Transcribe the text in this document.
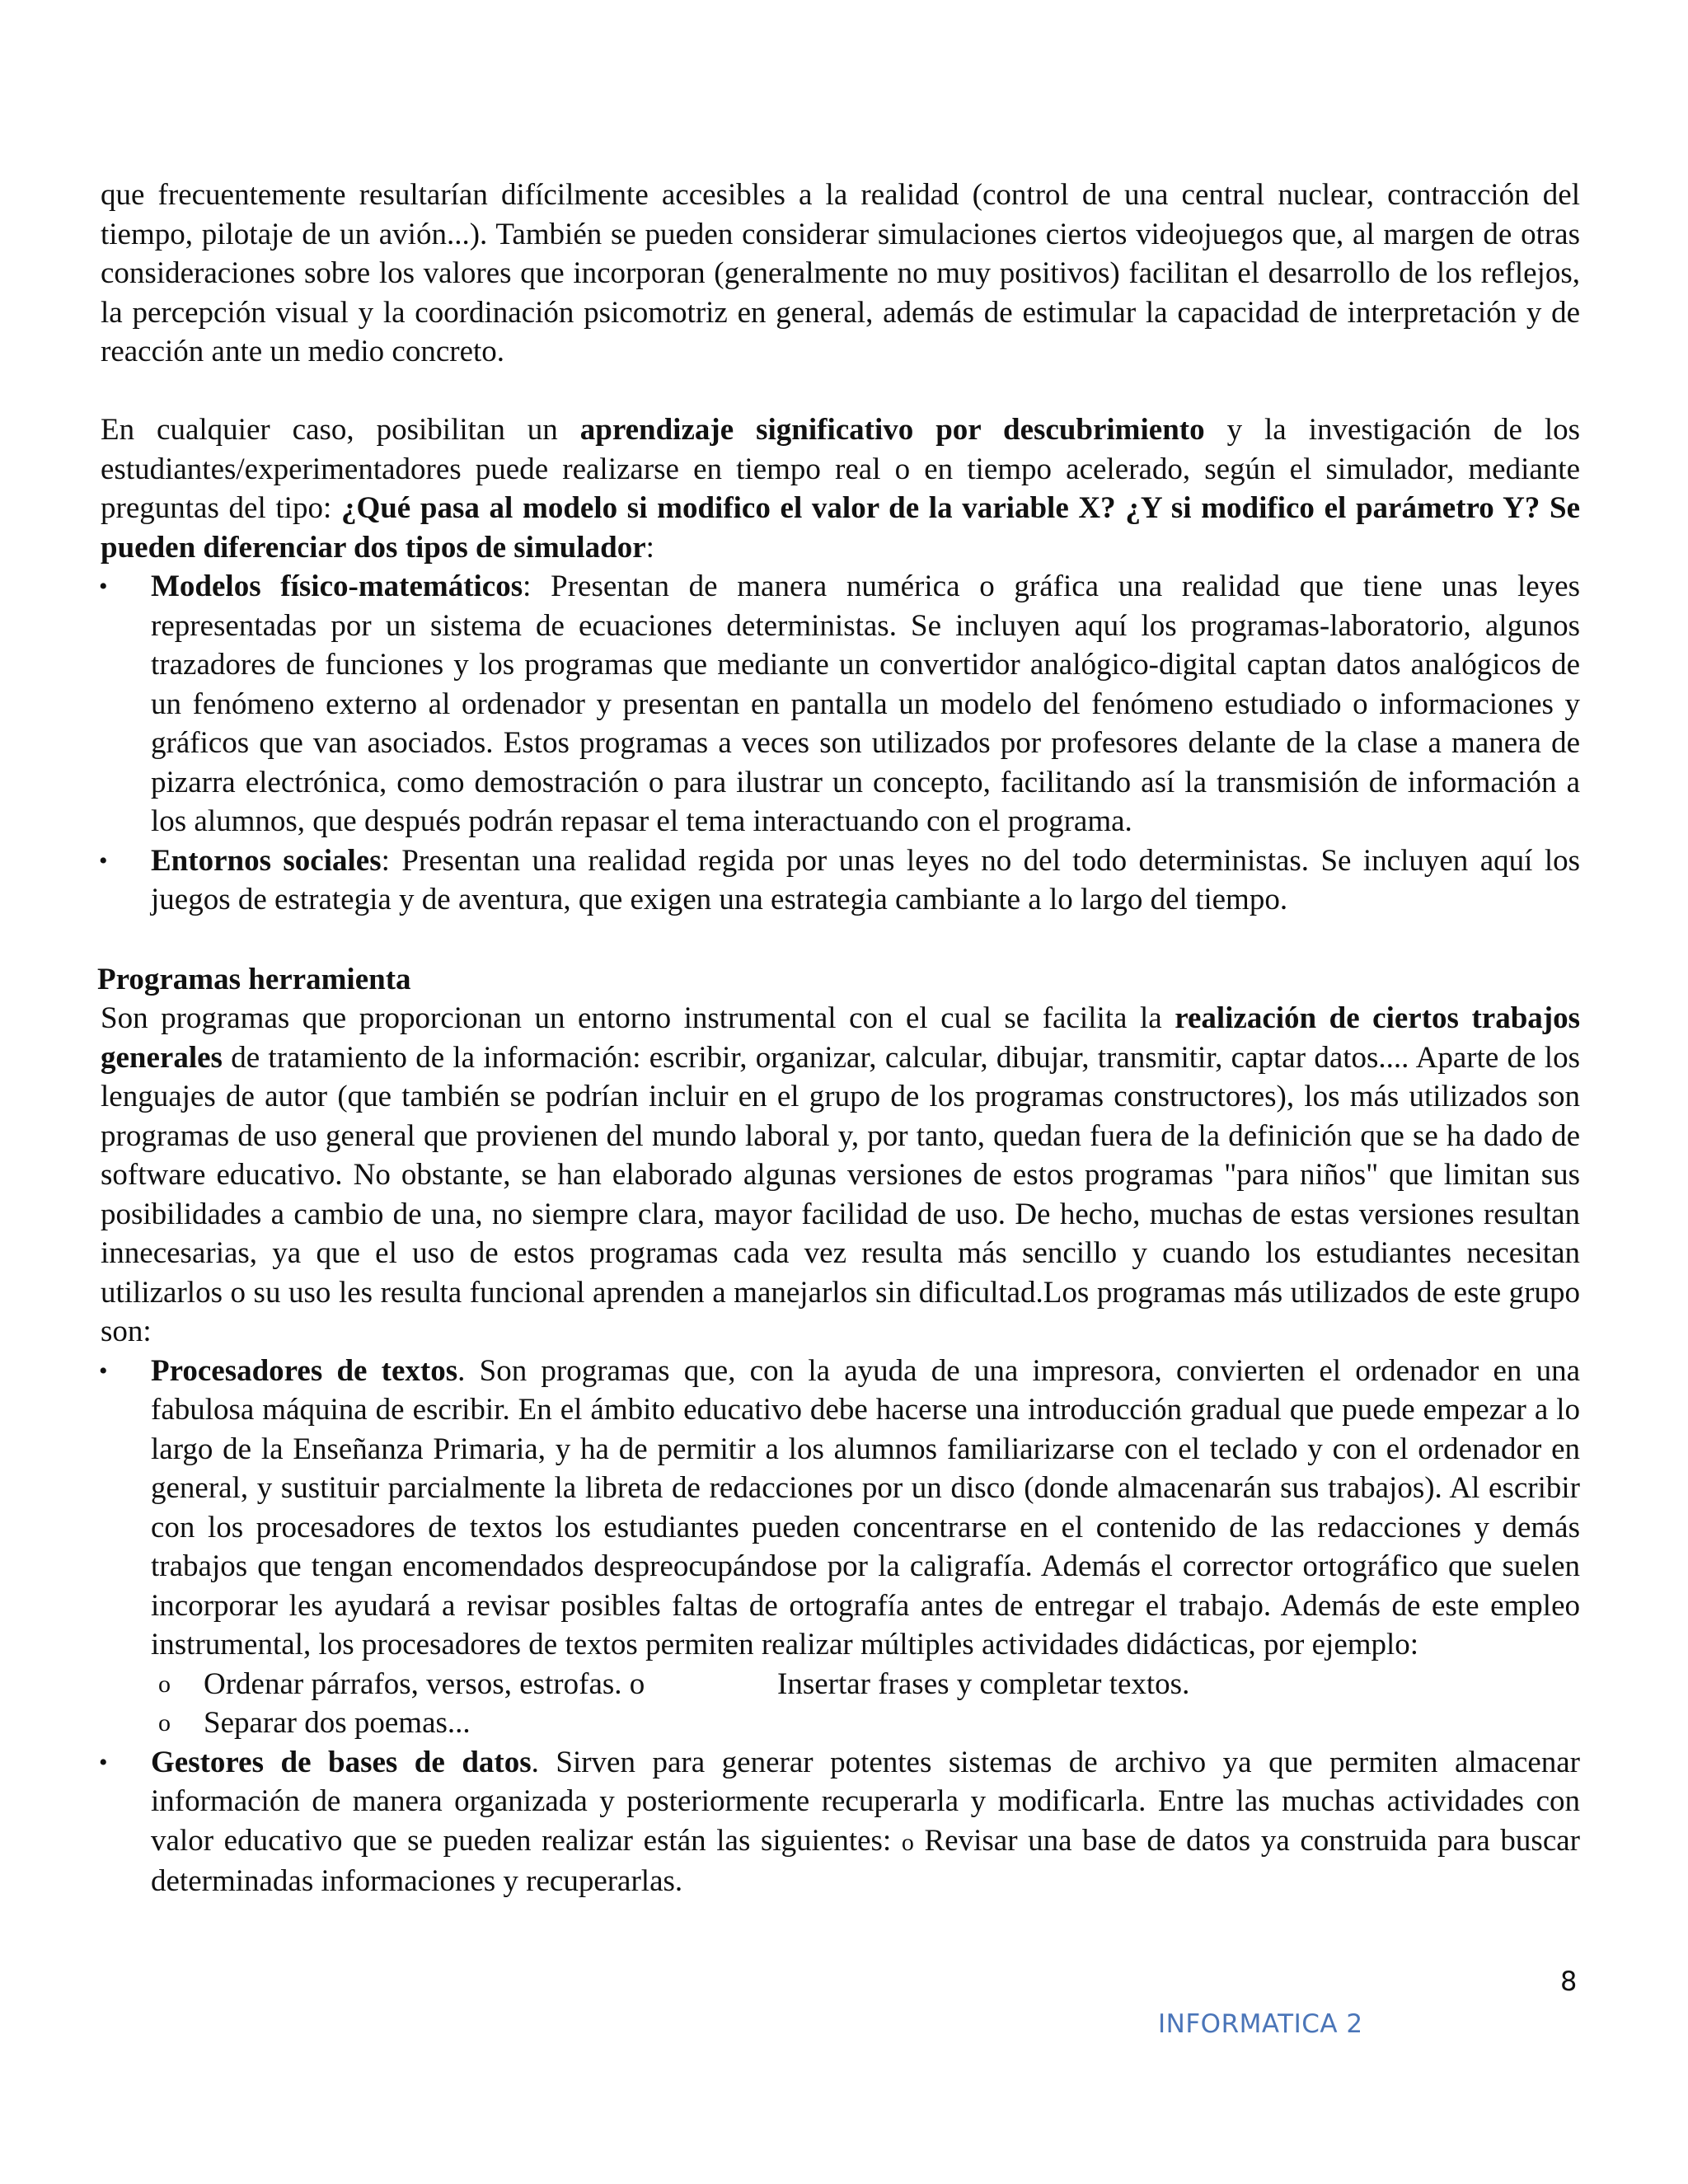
que frecuentemente resultarían difícilmente accesibles a la realidad (control de una central nuclear, contracción del tiempo, pilotaje de un avión...). También se pueden considerar simulaciones ciertos videojuegos que, al margen de otras consideraciones sobre los valores que incorporan (generalmente no muy positivos) facilitan el desarrollo de los reflejos, la percepción visual y la coordinación psicomotriz en general, además de estimular la capacidad de interpretación y de reacción ante un medio concreto.

En cualquier caso, posibilitan un aprendizaje significativo por descubrimiento y la investigación de los estudiantes/experimentadores puede realizarse en tiempo real o en tiempo acelerado, según el simulador, mediante preguntas del tipo: ¿Qué pasa al modelo si modifico el valor de la variable X? ¿Y si modifico el parámetro Y? Se pueden diferenciar dos tipos de simulador:

• Modelos físico-matemáticos: Presentan de manera numérica o gráfica una realidad que tiene unas leyes representadas por un sistema de ecuaciones deterministas. Se incluyen aquí los programas-laboratorio, algunos trazadores de funciones y los programas que mediante un convertidor analógico-digital captan datos analógicos de un fenómeno externo al ordenador y presentan en pantalla un modelo del fenómeno estudiado o informaciones y gráficos que van asociados. Estos programas a veces son utilizados por profesores delante de la clase a manera de pizarra electrónica, como demostración o para ilustrar un concepto, facilitando así la transmisión de información a los alumnos, que después podrán repasar el tema interactuando con el programa.
• Entornos sociales: Presentan una realidad regida por unas leyes no del todo deterministas. Se incluyen aquí los juegos de estrategia y de aventura, que exigen una estrategia cambiante a lo largo del tiempo.
Programas herramienta

Son programas que proporcionan un entorno instrumental con el cual se facilita la realización de ciertos trabajos generales de tratamiento de la información: escribir, organizar, calcular, dibujar, transmitir, captar datos.... Aparte de los lenguajes de autor (que también se podrían incluir en el grupo de los programas constructores), los más utilizados son programas de uso general que provienen del mundo laboral y, por tanto, quedan fuera de la definición que se ha dado de software educativo. No obstante, se han elaborado algunas versiones de estos programas "para niños" que limitan sus posibilidades a cambio de una, no siempre clara, mayor facilidad de uso. De hecho, muchas de estas versiones resultan innecesarias, ya que el uso de estos programas cada vez resulta más sencillo y cuando los estudiantes necesitan utilizarlos o su uso les resulta funcional aprenden a manejarlos sin dificultad.Los programas más utilizados de este grupo son:

• Procesadores de textos. Son programas que, con la ayuda de una impresora, convierten el ordenador en una fabulosa máquina de escribir. En el ámbito educativo debe hacerse una introducción gradual que puede empezar a lo largo de la Enseñanza Primaria, y ha de permitir a los alumnos familiarizarse con el teclado y con el ordenador en general, y sustituir parcialmente la libreta de redacciones por un disco (donde almacenarán sus trabajos). Al escribir con los procesadores de textos los estudiantes pueden concentrarse en el contenido de las redacciones y demás trabajos que tengan encomendados despreocupándose por la caligrafía. Además el corrector ortográfico que suelen incorporar les ayudará a revisar posibles faltas de ortografía antes de entregar el trabajo. Además de este empleo instrumental, los procesadores de textos permiten realizar múltiples actividades didácticas, por ejemplo:
o Ordenar párrafos, versos, estrofas. o	Insertar frases y completar textos.
o Separar dos poemas...
• Gestores de bases de datos. Sirven para generar potentes sistemas de archivo ya que permiten almacenar información de manera organizada y posteriormente recuperarla y modificarla. Entre las muchas actividades con valor educativo que se pueden realizar están las siguientes: o Revisar una base de datos ya construida para buscar determinadas informaciones y recuperarlas.
8
INFORMATICA 2
